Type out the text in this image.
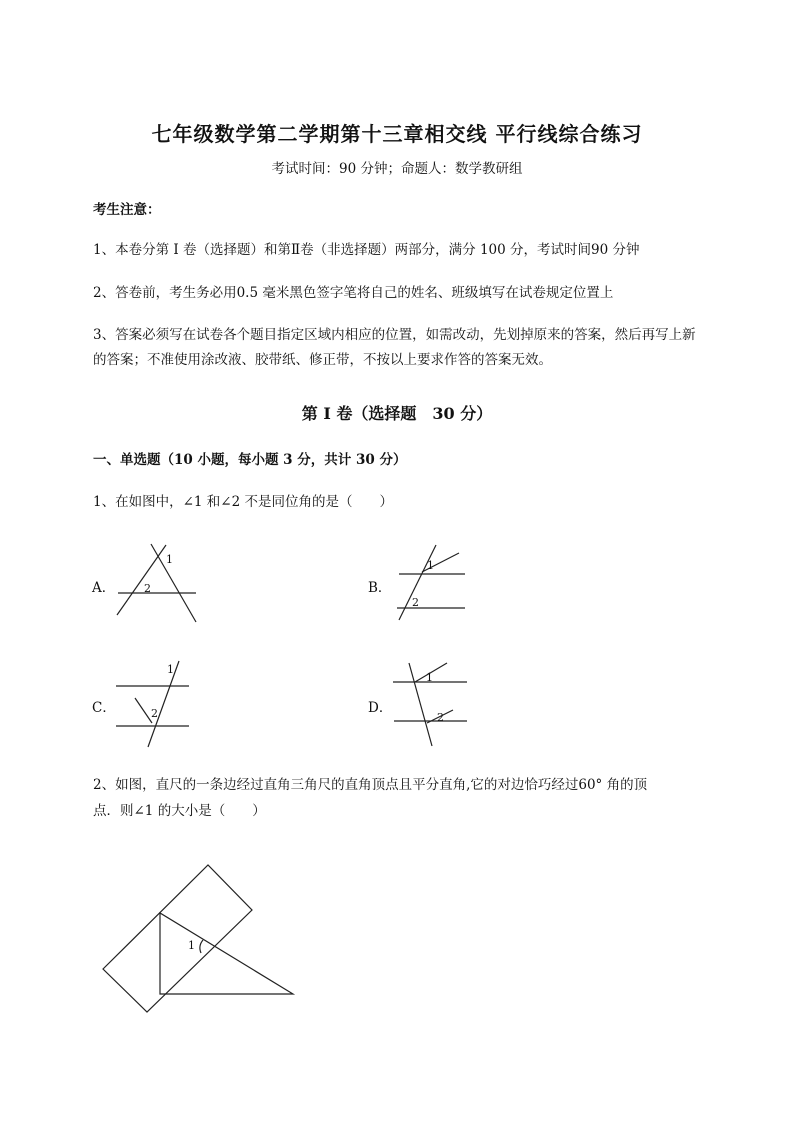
七年级数学第二学期第十三章相交线 平行线综合练习
考试时间：90 分钟；命题人：数学教研组
考生注意：
1、本卷分第 I 卷（选择题）和第Ⅱ卷（非选择题）两部分，满分 100 分，考试时间90 分钟
2、答卷前，考生务必用0.5 毫米黑色签字笔将自己的姓名、班级填写在试卷规定位置上
3、答案必须写在试卷各个题目指定区域内相应的位置，如需改动，先划掉原来的答案，然后再写上新
的答案；不准使用涂改液、胶带纸、修正带，不按以上要求作答的答案无效。
第 I 卷（选择题　30 分）
一、单选题（10 小题，每小题 3 分，共计 30 分）
1、在如图中，∠1 和∠2 不是同位角的是（　　）
A．
1
2	B．
1
2
C．
1
2	D．
1
2
2、如图，直尺的一条边经过直角三角尺的直角顶点且平分直角,它的对边恰巧经过60° 角的顶
点．则∠1 的大小是（　　）
1
